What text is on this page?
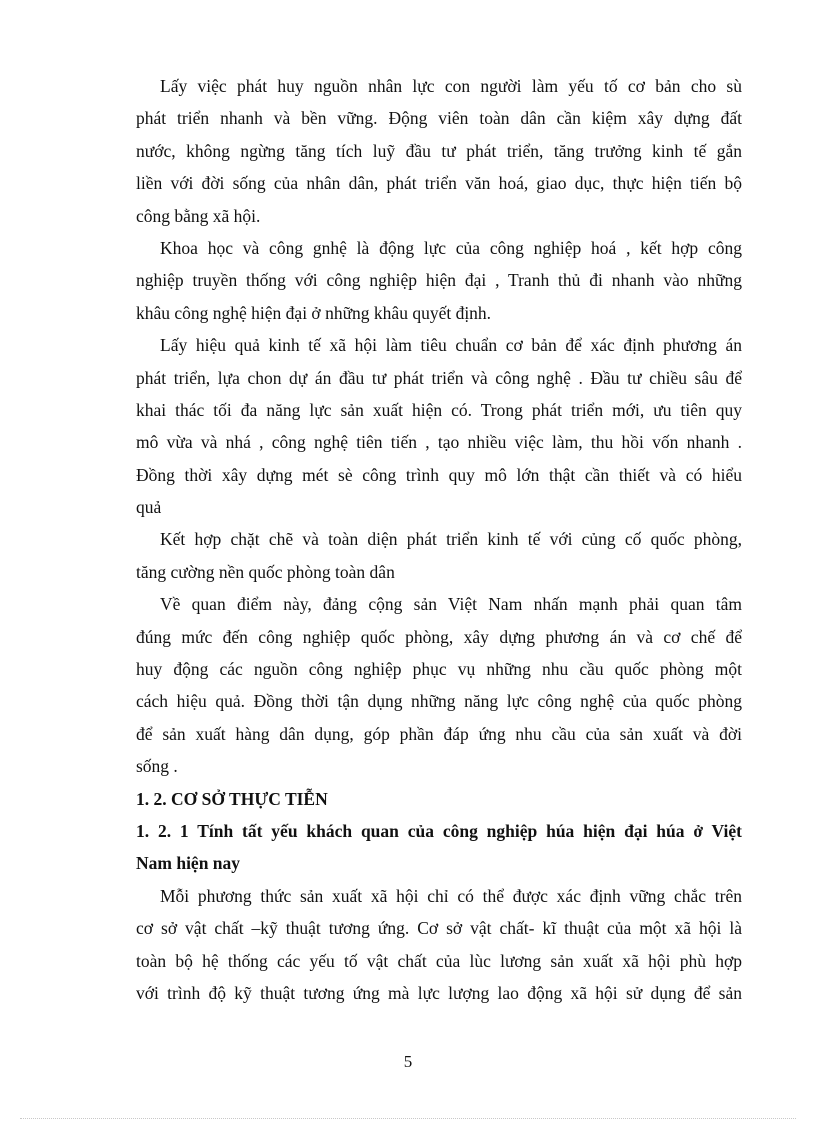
Lấy việc phát huy nguồn nhân lực con người làm yếu tố cơ bản cho sù
phát triển nhanh và bền vững. Động viên toàn dân cần kiệm xây dựng đất
nước, không ngừng tăng tích luỹ đầu tư phát triển, tăng trưởng kinh tế gắn
liền với đời sống của nhân dân, phát triển văn hoá, giao dục, thực hiện tiến bộ
công bằng xã hội.
Khoa học và công gnhệ là động lực của công nghiệp hoá , kết hợp công
nghiệp truyền thống với công nghiệp hiện đại , Tranh thủ đi nhanh vào những
khâu công nghệ hiện đại ở những khâu quyết định.
Lấy hiệu quả kinh tế xã hội làm tiêu chuẩn cơ bản để xác định phương án
phát triển, lựa chon dự án đầu tư phát triển và công nghệ . Đầu tư chiều sâu để
khai thác tối đa năng lực sản xuất hiện có. Trong phát triển mới, ưu tiên quy
mô vừa và nhá , công nghệ tiên tiến , tạo nhiều việc làm, thu hồi vốn nhanh .
Đồng thời xây dựng mét sè công trình quy mô lớn thật cần thiết và có hiểu
quả
Kết hợp chặt chẽ và toàn diện phát triển kinh tế với củng cố quốc phòng,
tăng cường nền quốc phòng toàn dân
Về quan điểm này, đảng cộng sản Việt Nam nhấn mạnh phải quan tâm
đúng mức đến công nghiệp quốc phòng, xây dựng phương án và cơ chế để
huy động các nguồn công nghiệp phục vụ những nhu cầu quốc phòng một
cách hiệu quả. Đồng thời tận dụng những năng lực công nghệ của quốc phòng
để sản xuất hàng dân dụng, góp phần đáp ứng nhu cầu của sản xuất và đời
sống .
1. 2. CƠ SỞ THỰC TIỄN
1. 2. 1 Tính tất yếu khách quan của công nghiệp húa hiện đại húa ở Việt
Nam hiện nay
Mỗi phương thức sản xuất xã hội chỉ có thể được xác định vững chắc trên
cơ sở vật chất –kỹ thuật tương ứng. Cơ sở vật chất- kĩ thuật của một xã hội là
toàn bộ hệ thống các yếu tố vật chất của lùc lương sản xuất xã hội phù hợp
với trình độ kỹ thuật tương ứng mà lực lượng lao động xã hội sử dụng để sản
5
